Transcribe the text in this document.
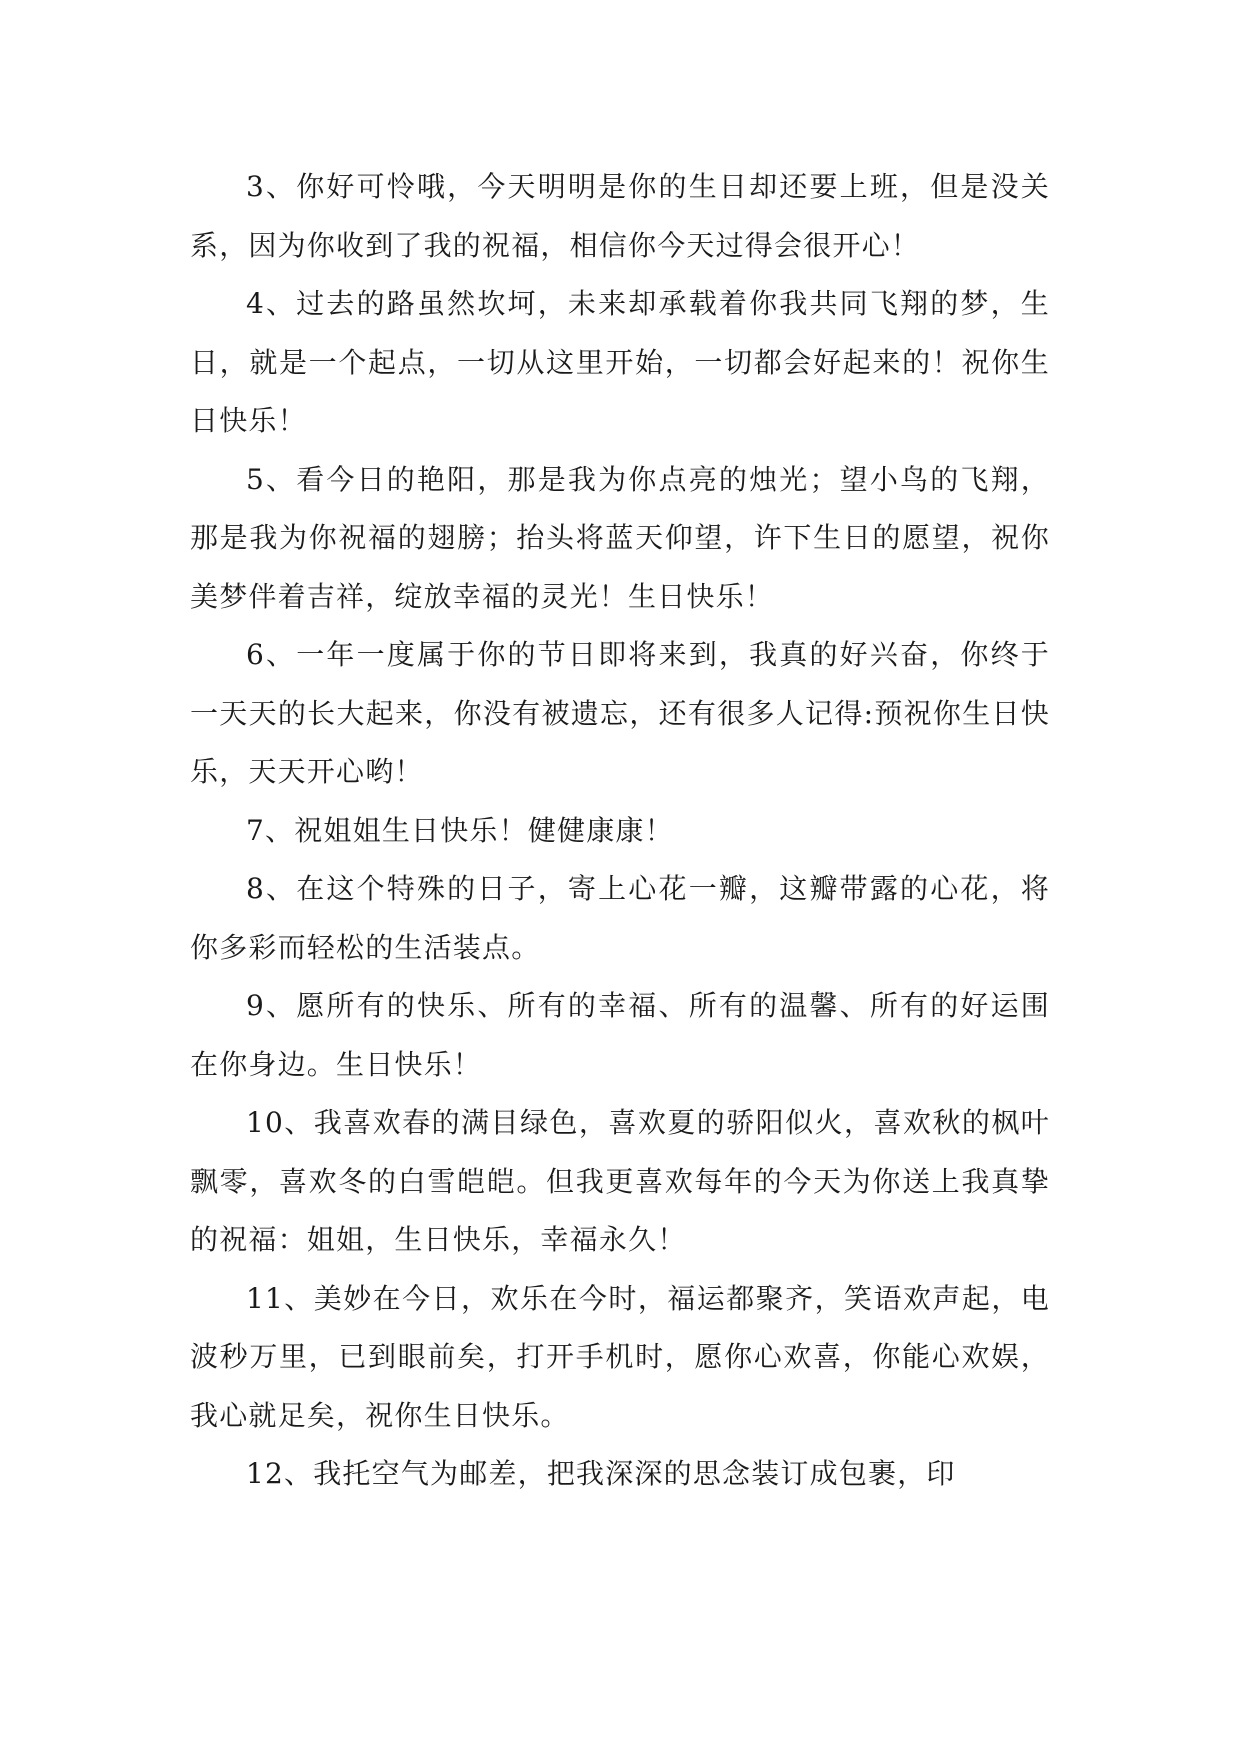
3、你好可怜哦，今天明明是你的生日却还要上班，但是没关系，因为你收到了我的祝福，相信你今天过得会很开心！

4、过去的路虽然坎坷，未来却承载着你我共同飞翔的梦，生日，就是一个起点，一切从这里开始，一切都会好起来的！祝你生日快乐！

5、看今日的艳阳，那是我为你点亮的烛光；望小鸟的飞翔，那是我为你祝福的翅膀；抬头将蓝天仰望，许下生日的愿望，祝你美梦伴着吉祥，绽放幸福的灵光！生日快乐！

6、一年一度属于你的节日即将来到，我真的好兴奋，你终于一天天的长大起来，你没有被遗忘，还有很多人记得:预祝你生日快乐，天天开心哟！

7、祝姐姐生日快乐！健健康康！

8、在这个特殊的日子，寄上心花一瓣，这瓣带露的心花，将你多彩而轻松的生活装点。

9、愿所有的快乐、所有的幸福、所有的温馨、所有的好运围在你身边。生日快乐！

10、我喜欢春的满目绿色，喜欢夏的骄阳似火，喜欢秋的枫叶飘零，喜欢冬的白雪皑皑。但我更喜欢每年的今天为你送上我真挚的祝福：姐姐，生日快乐，幸福永久！

11、美妙在今日，欢乐在今时，福运都聚齐，笑语欢声起，电波秒万里，已到眼前矣，打开手机时，愿你心欢喜，你能心欢娱，我心就足矣，祝你生日快乐。

12、我托空气为邮差，把我深深的思念装订成包裹，印
